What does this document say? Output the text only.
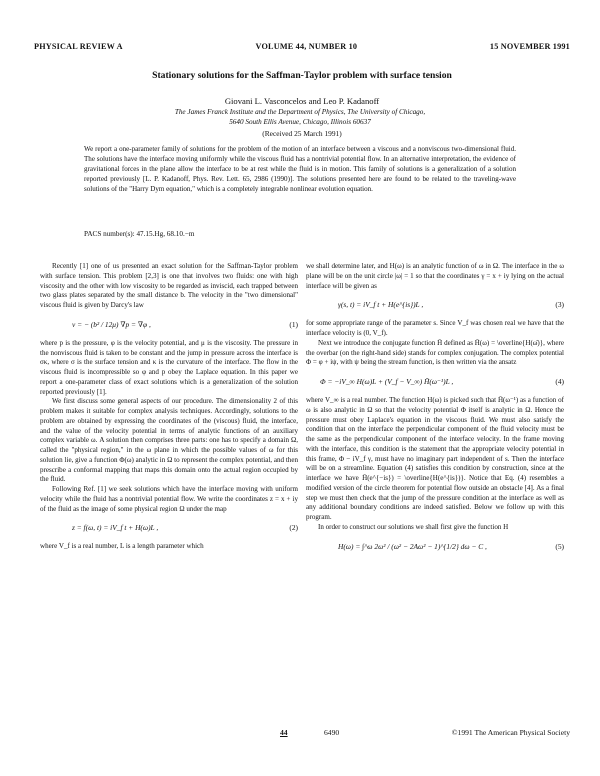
PHYSICAL REVIEW A	VOLUME 44, NUMBER 10	15 NOVEMBER 1991
Stationary solutions for the Saffman-Taylor problem with surface tension
Giovani L. Vasconcelos and Leo P. Kadanoff
The James Franck Institute and the Department of Physics, The University of Chicago,
5640 South Ellis Avenue, Chicago, Illinois 60637
(Received 25 March 1991)
We report a one-parameter family of solutions for the problem of the motion of an interface between a viscous and a nonviscous two-dimensional fluid. The solutions have the interface moving uniformly while the viscous fluid has a nontrivial potential flow. In an alternative interpretation, the evidence of gravitational forces in the plane allow the interface to be at rest while the fluid is in motion. This family of solutions is a generalization of a solution reported previously [L. P. Kadanoff, Phys. Rev. Lett. 65, 2986 (1990)]. The solutions presented here are found to be related to the traveling-wave solutions of the "Harry Dym equation," which is a completely integrable nonlinear evolution equation.
PACS number(s): 47.15.Hg, 68.10.−m

Recently [1] one of us presented an exact solution for the Saffman-Taylor problem with surface tension. This problem [2,3] is one that involves two fluids: one with high viscosity and the other with low viscosity to be regarded as inviscid, each trapped between two glass plates separated by the small distance b. The velocity in the "two dimensional" viscous fluid is given by Darcy's law

v = − (b² / 12μ) ∇p = ∇φ ,	(1)

where p is the pressure, φ is the velocity potential, and μ is the viscosity. The pressure in the nonviscous fluid is taken to be constant and the jump in pressure across the interface is σκ, where σ is the surface tension and κ is the curvature of the interface. The flow in the viscous fluid is incompressible so φ and p obey the Laplace equation. In this paper we report a one-parameter class of exact solutions which is a generalization of the solution reported previously [1].

We first discuss some general aspects of our procedure. The dimensionality 2 of this problem makes it suitable for complex analysis techniques. Accordingly, solutions to the problem are obtained by expressing the coordinates of the (viscous) fluid, the interface, and the value of the velocity potential in terms of analytic functions of an auxiliary complex variable ω. A solution then comprises three parts: one has to specify a domain Ω, called the "physical region," in the ω plane in which the possible values of ω for this solution lie, give a function Φ(ω) analytic in Ω to represent the complex potential, and then prescribe a conformal mapping that maps this domain onto the actual region occupied by the fluid.

Following Ref. [1] we seek solutions which have the interface moving with uniform velocity while the fluid has a nontrivial potential flow. We write the coordinates z = x + iy of the fluid as the image of some physical region Ω under the map

z = f(ω, t) = iV_f t + H(ω)L ,	(2)

where V_f is a real number, L is a length parameter which

we shall determine later, and H(ω) is an analytic function of ω in Ω. The interface in the ω plane will be on the unit circle |ω| = 1 so that the coordinates γ = x + iy lying on the actual interface will be given as

γ(s, t) = iV_f t + H(e^{is})L ,	(3)

for some appropriate range of the parameter s. Since V_f was chosen real we have that the interface velocity is (0, V_f).

Next we introduce the conjugate function H̄ defined as H̄(ω) = \overline{H(ω̄)}, where the overbar (on the right-hand side) stands for complex conjugation. The complex potential Φ = φ + iψ, with ψ being the stream function, is then written via the ansatz

Φ = −iV_∞ H(ω)L + (V_f − V_∞) H̄(ω⁻¹)L ,	(4)

where V_∞ is a real number. The function H(ω) is picked such that H̄(ω⁻¹) as a function of ω is also analytic in Ω so that the velocity potential Φ itself is analytic in Ω. Hence the pressure must obey Laplace's equation in the viscous fluid. We must also satisfy the condition that on the interface the perpendicular component of the fluid velocity must be the same as the perpendicular component of the interface velocity. In the frame moving with the interface, this condition is the statement that the appropriate velocity potential in this frame, Φ − iV_f γ, must have no imaginary part independent of s. Then the interface will be on a streamline. Equation (4) satisfies this condition by construction, since at the interface we have H̄(e^{−is}) = \overline{H(e^{is})}. Notice that Eq. (4) resembles a modified version of the circle theorem for potential flow outside an obstacle [4]. As a final step we must then check that the jump of the pressure condition at the interface as well as any additional boundary conditions are indeed satisfied. Below we follow up with this program.

In order to construct our solutions we shall first give the function H

H(ω) = ∫^ω 2ω² / (ω² − 2Aω² − 1)^{1/2} dω − C ,	(5)
44	6490	©1991 The American Physical Society
